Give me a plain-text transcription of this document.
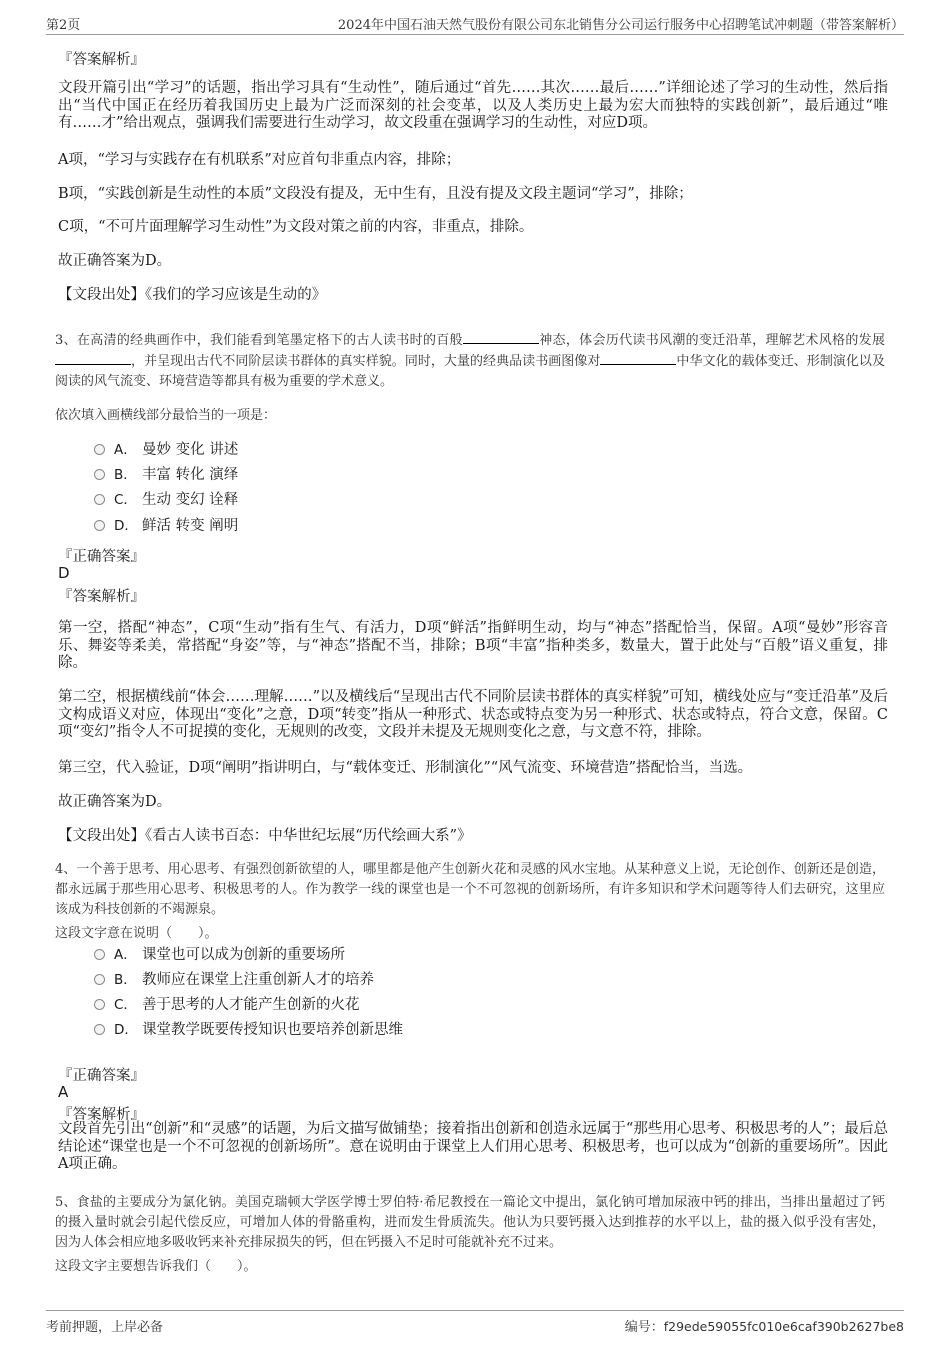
第2页	2024年中国石油天然气股份有限公司东北销售分公司运行服务中心招聘笔试冲刺题（带答案解析）
『答案解析』
文段开篇引出“学习”的话题，指出学习具有“生动性”，随后通过“首先……其次……最后……”详细论述了学习的生动性，然后指出“当代中国正在经历着我国历史上最为广泛而深刻的社会变革，以及人类历史上最为宏大而独特的实践创新”，最后通过“唯有……才”给出观点，强调我们需要进行生动学习，故文段重在强调学习的生动性，对应D项。
A项，“学习与实践存在有机联系”对应首句非重点内容，排除；
B项，“实践创新是生动性的本质”文段没有提及，无中生有，且没有提及文段主题词“学习”，排除；
C项，“不可片面理解学习生动性”为文段对策之前的内容，非重点，排除。
故正确答案为D。
【文段出处】《我们的学习应该是生动的》
3、在高清的经典画作中，我们能看到笔墨定格下的古人读书时的百般	神态，体会历代读书风潮的变迁沿革，理解艺术风格的发展，并呈现出古代不同阶层读书群体的真实样貌。同时，大量的经典品读书画图像对	中华文化的载体变迁、形制演化以及阅读的风气流变、环境营造等都具有极为重要的学术意义。
依次填入画横线部分最恰当的一项是：
A． 曼妙 变化 讲述
B． 丰富 转化 演绎
C． 生动 变幻 诠释
D． 鲜活 转变 阐明
『正确答案』
D
『答案解析』
第一空，搭配“神态”，C项“生动”指有生气、有活力，D项“鲜活”指鲜明生动，均与“神态”搭配恰当，保留。A项“曼妙”形容音乐、舞姿等柔美，常搭配“身姿”等，与“神态”搭配不当，排除；B项“丰富”指种类多，数量大，置于此处与“百般”语义重复，排除。
第二空，根据横线前“体会……理解……”以及横线后“呈现出古代不同阶层读书群体的真实样貌”可知，横线处应与“变迁沿革”及后文构成语义对应，体现出“变化”之意，D项“转变”指从一种形式、状态或特点变为另一种形式、状态或特点，符合文意，保留。C项“变幻”指令人不可捉摸的变化，无规则的改变，文段并未提及无规则变化之意，与文意不符，排除。
第三空，代入验证，D项“阐明”指讲明白，与“载体变迁、形制演化”“风气流变、环境营造”搭配恰当，当选。
故正确答案为D。
【文段出处】《看古人读书百态：中华世纪坛展“历代绘画大系”》
4、一个善于思考、用心思考、有强烈创新欲望的人，哪里都是他产生创新火花和灵感的风水宝地。从某种意义上说，无论创作、创新还是创造，都永远属于那些用心思考、积极思考的人。作为教学一线的课堂也是一个不可忽视的创新场所，有许多知识和学术问题等待人们去研究，这里应该成为科技创新的不竭源泉。
这段文字意在说明（　　）。
A． 课堂也可以成为创新的重要场所
B． 教师应在课堂上注重创新人才的培养
C． 善于思考的人才能产生创新的火花
D． 课堂教学既要传授知识也要培养创新思维
『正确答案』
A
『答案解析』
文段首先引出“创新”和“灵感”的话题，为后文描写做铺垫；接着指出创新和创造永远属于“那些用心思考、积极思考的人”；最后总结论述“课堂也是一个不可忽视的创新场所”。意在说明由于课堂上人们用心思考、积极思考，也可以成为“创新的重要场所”。因此A项正确。
5、食盐的主要成分为氯化钠。美国克瑞顿大学医学博士罗伯特·希尼教授在一篇论文中提出，氯化钠可增加尿液中钙的排出，当排出量超过了钙的摄入量时就会引起代偿反应，可增加人体的骨骼重构，进而发生骨质流失。他认为只要钙摄入达到推荐的水平以上，盐的摄入似乎没有害处，因为人体会相应地多吸收钙来补充排尿损失的钙，但在钙摄入不足时可能就补充不过来。
这段文字主要想告诉我们（　　）。
考前押题，上岸必备	编号：f29ede59055fc010e6caf390b2627be8
